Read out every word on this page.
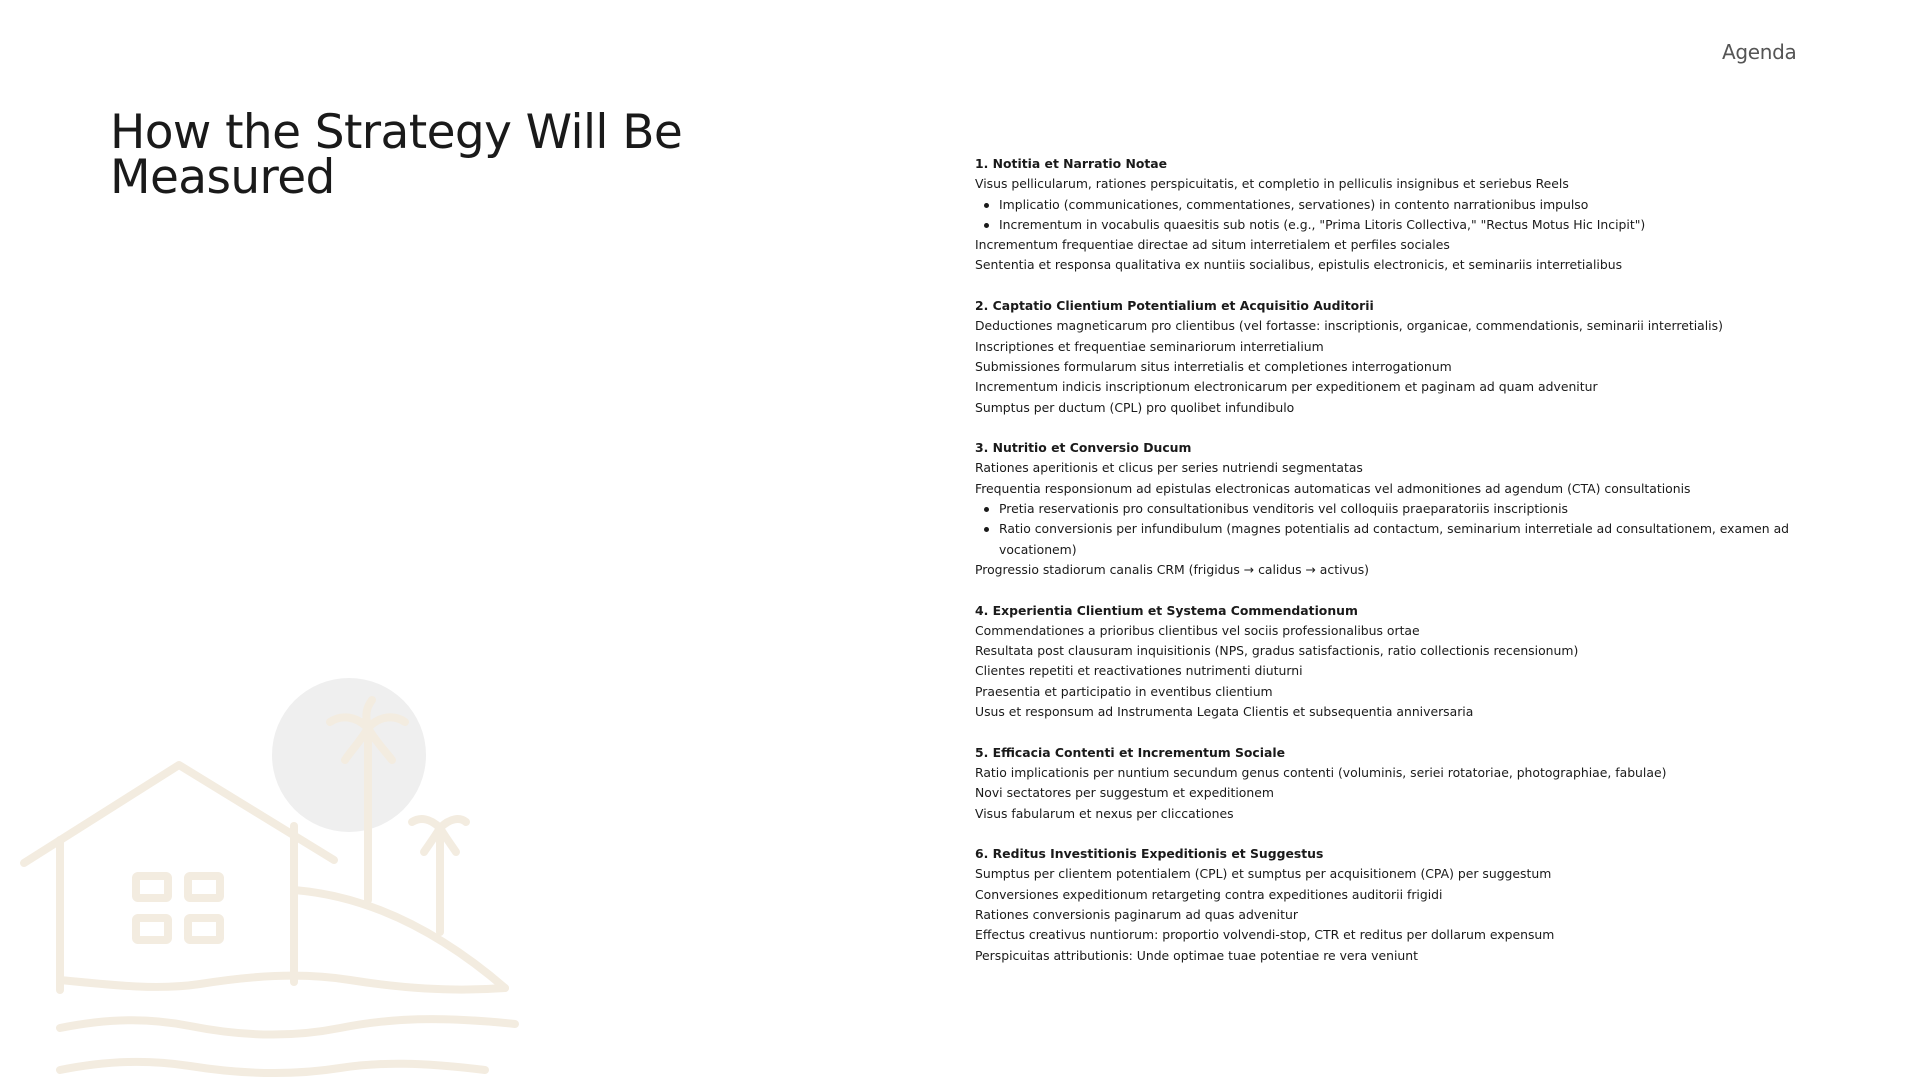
Agenda
How the Strategy Will Be Measured	1. Notitia et Narratio Notae
Visus pellicularum, rationes perspicuitatis, et completio in pelliculis insignibus et seriebus Reels
Implicatio (communicationes, commentationes, servationes) in contento narrationibus impulso
Incrementum in vocabulis quaesitis sub notis (e.g., "Prima Litoris Collectiva," "Rectus Motus Hic Incipit")
Incrementum frequentiae directae ad situm interretialem et perfiles sociales
Sententia et responsa qualitativa ex nuntiis socialibus, epistulis electronicis, et seminariis interretialibus
2. Captatio Clientium Potentialium et Acquisitio Auditorii
Deductiones magneticarum pro clientibus (vel fortasse: inscriptionis, organicae, commendationis, seminarii interretialis)
Inscriptiones et frequentiae seminariorum interretialium
Submissiones formularum situs interretialis et completiones interrogationum
Incrementum indicis inscriptionum electronicarum per expeditionem et paginam ad quam advenitur
Sumptus per ductum (CPL) pro quolibet infundibulo
3. Nutritio et Conversio Ducum
Rationes aperitionis et clicus per series nutriendi segmentatas
Frequentia responsionum ad epistulas electronicas automaticas vel admonitiones ad agendum (CTA) consultationis
Pretia reservationis pro consultationibus venditoris vel colloquiis praeparatoriis inscriptionis
Ratio conversionis per infundibulum (magnes potentialis ad contactum, seminarium interretiale ad consultationem, examen ad vocationem)
Progressio stadiorum canalis CRM (frigidus → calidus → activus)
4. Experientia Clientium et Systema Commendationum
Commendationes a prioribus clientibus vel sociis professionalibus ortae
Resultata post clausuram inquisitionis (NPS, gradus satisfactionis, ratio collectionis recensionum)
Clientes repetiti et reactivationes nutrimenti diuturni
Praesentia et participatio in eventibus clientium
Usus et responsum ad Instrumenta Legata Clientis et subsequentia anniversaria
5. Efficacia Contenti et Incrementum Sociale
Ratio implicationis per nuntium secundum genus contenti (voluminis, seriei rotatoriae, photographiae, fabulae)
Novi sectatores per suggestum et expeditionem
Visus fabularum et nexus per cliccationes
6. Reditus Investitionis Expeditionis et Suggestus
Sumptus per clientem potentialem (CPL) et sumptus per acquisitionem (CPA) per suggestum
Conversiones expeditionum retargeting contra expeditiones auditorii frigidi
Rationes conversionis paginarum ad quas advenitur
Effectus creativus nuntiorum: proportio volvendi-stop, CTR et reditus per dollarum expensum
Perspicuitas attributionis: Unde optimae tuae potentiae re vera veniunt
